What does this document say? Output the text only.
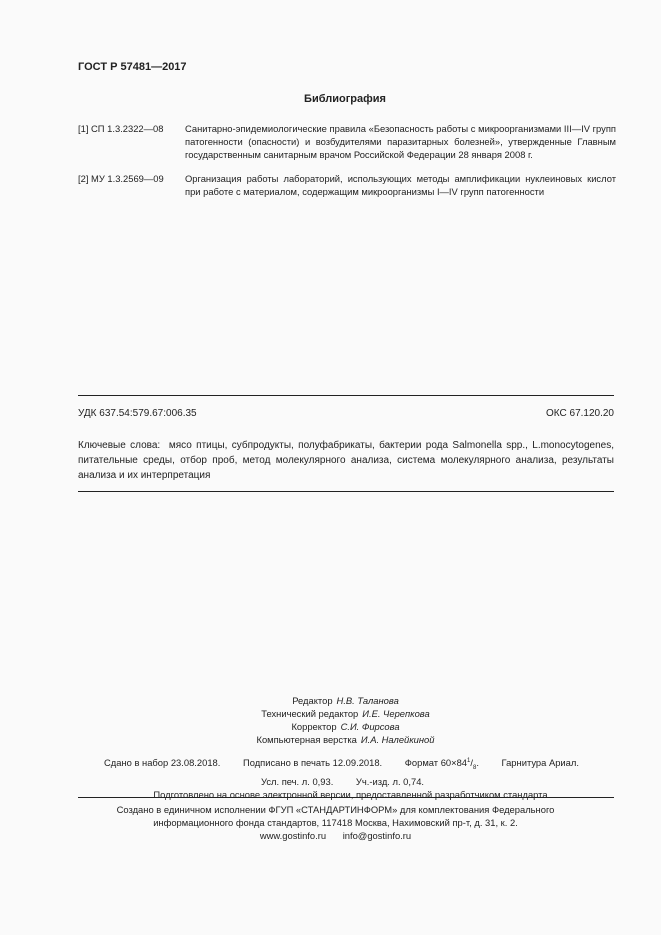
ГОСТ Р 57481—2017
Библиография
[1] СП 1.3.2322—08	Санитарно-эпидемиологические правила «Безопасность работы с микроорганизмами III—IV групп патогенности (опасности) и возбудителями паразитарных болезней», утвержденные Главным государственным санитарным врачом Российской Федерации 28 января 2008 г.
[2] МУ 1.3.2569—09	Организация работы лабораторий, использующих методы амплификации нуклеиновых кислот при работе с материалом, содержащим микроорганизмы I—IV групп патогенности
УДК 637.54:579.67:006.35	ОКС 67.120.20
Ключевые слова: мясо птицы, субпродукты, полуфабрикаты, бактерии рода Salmonella spp., L.monocytogenes, питательные среды, отбор проб, метод молекулярного анализа, система молекулярного анализа, результаты анализа и их интерпретация
Редактор Н.В. Таланова
Технический редактор И.Е. Черепкова
Корректор С.И. Фирсова
Компьютерная верстка И.А. Налейкиной
Сдано в набор 23.08.2018. Подписано в печать 12.09.2018. Формат $60\times 84^1/_8$. Гарнитура Ариал.
Усл. печ. л. 0,93. Уч.-изд. л. 0,74.
Подготовлено на основе электронной версии, предоставленной разработчиком стандарта
Создано в единичном исполнении ФГУП «СТАНДАРТИНФОРМ» для комплектования Федерального
информационного фонда стандартов, 117418 Москва, Нахимовский пр-т, д. 31, к. 2.
www.gostinfo.ru info@gostinfo.ru
